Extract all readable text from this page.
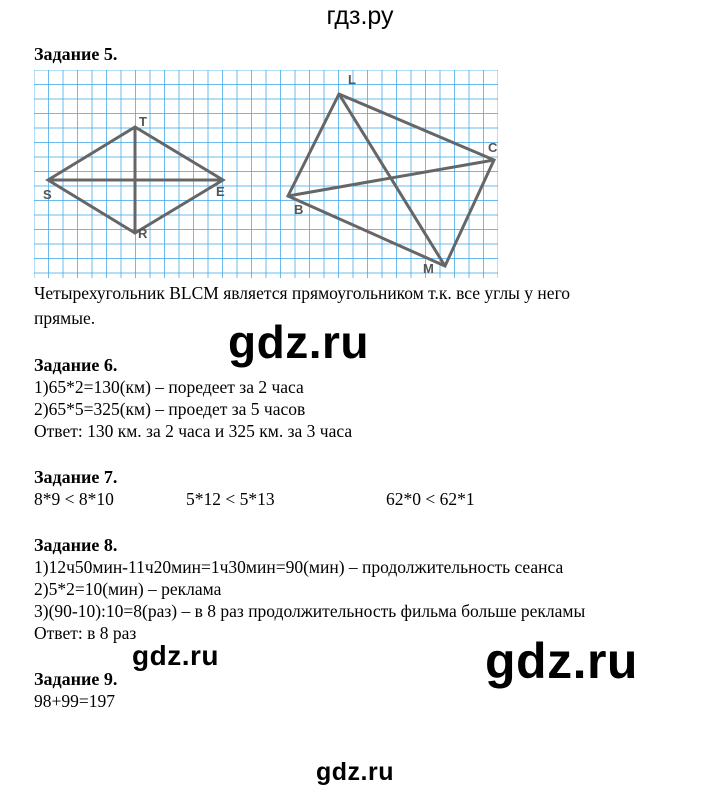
гдз.ру
Задание 5.
T
S	E
R
L
C
B
M
Четырехугольник BLCM является прямоугольником т.к. все углы у него
прямые.	gdz.ru
Задание 6.
1)65*2=130(км) – поредеет за 2 часа
2)65*5=325(км) – проедет за 5 часов
Ответ: 130 км. за 2 часа и 325 км. за 3 часа
Задание 7.
8*9 < 8*10	5*12 < 5*13	62*0 < 62*1
Задание 8.
1)12ч50мин-11ч20мин=1ч30мин=90(мин) – продолжительность сеанса
2)5*2=10(мин) – реклама
3)(90-10):10=8(раз) – в 8 раз продолжительность фильма больше рекламы
Ответ: в 8 раз
gdz.ru	gdz.ru
Задание 9.
98+99=197
gdz.ru
